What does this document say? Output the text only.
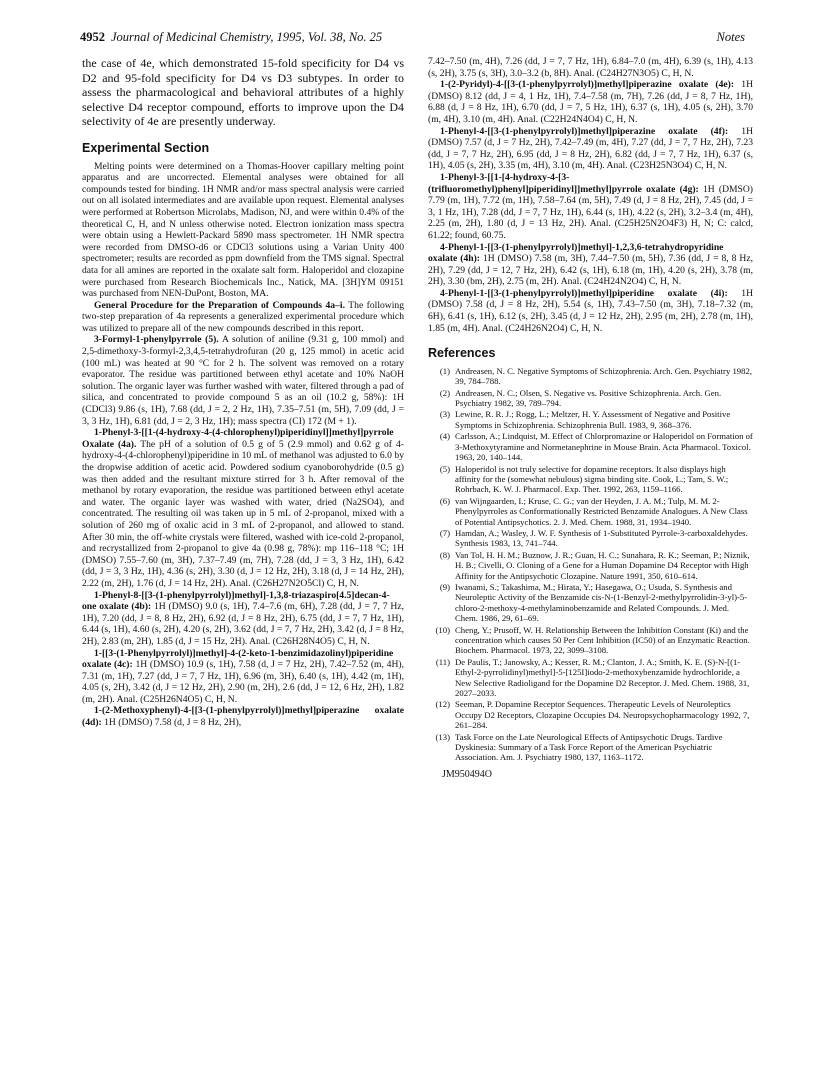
4952 Journal of Medicinal Chemistry, 1995, Vol. 38, No. 25	Notes

the case of 4e, which demonstrated 15-fold specificity for D4 vs D2 and 95-fold specificity for D4 vs D3 subtypes. In order to assess the pharmacological and behavioral attributes of a highly selective D4 receptor compound, efforts to improve upon the D4 selectivity of 4e are presently underway.

Experimental Section

Melting points were determined on a Thomas-Hoover capillary melting point apparatus and are uncorrected. Elemental analyses were obtained for all compounds tested for binding. 1H NMR and/or mass spectral analysis were carried out on all isolated intermediates and are available upon request. Elemental analyses were performed at Robertson Microlabs, Madison, NJ, and were within 0.4% of the theoretical C, H, and N unless otherwise noted. Electron ionization mass spectra were obtain using a Hewlett-Packard 5890 mass spectrometer. 1H NMR spectra were recorded from DMSO-d6 or CDCl3 solutions using a Varian Unity 400 spectrometer; results are recorded as ppm downfield from the TMS signal. Spectral data for all amines are reported in the oxalate salt form. Haloperidol and clozapine were purchased from Research Biochemicals Inc., Natick, MA. [3H]YM 09151 was purchased from NEN-DuPont, Boston, MA.

General Procedure for the Preparation of Compounds 4a–i. The following two-step preparation of 4a represents a generalized experimental procedure which was utilized to prepare all of the new compounds described in this report.

3-Formyl-1-phenylpyrrole (5). A solution of aniline (9.31 g, 100 mmol) and 2,5-dimethoxy-3-formyl-2,3,4,5-tetrahydrofuran (20 g, 125 mmol) in acetic acid (100 mL) was heated at 90 °C for 2 h. The solvent was removed on a rotary evaporator. The residue was partitioned between ethyl acetate and 10% NaOH solution. The organic layer was further washed with water, filtered through a pad of silica, and concentrated to provide compound 5 as an oil (10.2 g, 58%): 1H (CDCl3) 9.86 (s, 1H), 7.68 (dd, J = 2, 2 Hz, 1H), 7.35–7.51 (m, 5H), 7.09 (dd, J = 3, 3 Hz, 1H), 6.81 (dd, J = 2, 3 Hz, 1H); mass spectra (CI) 172 (M + 1).

1-Phenyl-3-[[1-(4-hydroxy-4-(4-chlorophenyl)piperidinyl]]methyl]pyrrole Oxalate (4a). The pH of a solution of 0.5 g of 5 (2.9 mmol) and 0.62 g of 4-hydroxy-4-(4-chlorophenyl)piperidine in 10 mL of methanol was adjusted to 6.0 by the dropwise addition of acetic acid. Powdered sodium cyanoborohydride (0.5 g) was then added and the resultant mixture stirred for 3 h. After removal of the methanol by rotary evaporation, the residue was partitioned between ethyl acetate and water. The organic layer was washed with water, dried (Na2SO4), and concentrated. The resulting oil was taken up in 5 mL of 2-propanol, mixed with a solution of 260 mg of oxalic acid in 3 mL of 2-propanol, and allowed to stand. After 30 min, the off-white crystals were filtered, washed with ice-cold 2-propanol, and recrystallized from 2-propanol to give 4a (0.98 g, 78%): mp 116–118 °C; 1H (DMSO) 7.55–7.60 (m, 3H), 7.37–7.49 (m, 7H), 7.28 (dd, J = 3, 3 Hz, 1H), 6.42 (dd, J = 3, 3 Hz, 1H), 4.36 (s, 2H), 3.30 (d, J = 12 Hz, 2H), 3.18 (d, J = 14 Hz, 2H), 2.22 (m, 2H), 1.76 (d, J = 14 Hz, 2H). Anal. (C26H27N2O5Cl) C, H, N.

1-Phenyl-8-[[3-(1-phenylpyrrolyl)]methyl]-1,3,8-triazaspiro[4.5]decan-4-one oxalate (4b): 1H (DMSO) 9.0 (s, 1H), 7.4–7.6 (m, 6H), 7.28 (dd, J = 7, 7 Hz, 1H), 7.20 (dd, J = 8, 8 Hz, 2H), 6.92 (d, J = 8 Hz, 2H), 6.75 (dd, J = 7, 7 Hz, 1H), 6.44 (s, 1H), 4.60 (s, 2H), 4.20 (s, 2H), 3.62 (dd, J = 7, 7 Hz, 2H), 3.42 (d, J = 8 Hz, 2H), 2.83 (m, 2H), 1.85 (d, J = 15 Hz, 2H). Anal. (C26H28N4O5) C, H, N.

1-[[3-(1-Phenylpyrrolyl)]methyl]-4-(2-keto-1-benzimidazolinyl)piperidine oxalate (4c): 1H (DMSO) 10.9 (s, 1H), 7.58 (d, J = 7 Hz, 2H), 7.42–7.52 (m, 4H), 7.31 (m, 1H), 7.27 (dd, J = 7, 7 Hz, 1H), 6.96 (m, 3H), 6.40 (s, 1H), 4.42 (m, 1H), 4.05 (s, 2H), 3.42 (d, J = 12 Hz, 2H), 2.90 (m, 2H), 2.6 (dd, J = 12, 6 Hz, 2H), 1.82 (m, 2H). Anal. (C25H26N4O5) C, H, N.

1-(2-Methoxyphenyl)-4-[[3-(1-phenylpyrrolyl)]methyl]piperazine oxalate (4d): 1H (DMSO) 7.58 (d, J = 8 Hz, 2H),

7.42–7.50 (m, 4H), 7.26 (dd, J = 7, 7 Hz, 1H), 6.84–7.0 (m, 4H), 6.39 (s, 1H), 4.13 (s, 2H), 3.75 (s, 3H), 3.0–3.2 (b, 8H). Anal. (C24H27N3O5) C, H, N.

1-(2-Pyridyl)-4-[[3-(1-phenylpyrrolyl)]methyl]piperazine oxalate (4e): 1H (DMSO) 8.12 (dd, J = 4, 1 Hz, 1H), 7.4–7.58 (m, 7H), 7.26 (dd, J = 8, 7 Hz, 1H), 6.88 (d, J = 8 Hz, 1H), 6.70 (dd, J = 7, 5 Hz, 1H), 6.37 (s, 1H), 4.05 (s, 2H), 3.70 (m, 4H), 3.10 (m, 4H). Anal. (C22H24N4O4) C, H, N.

1-Phenyl-4-[[3-(1-phenylpyrrolyl)]methyl]piperazine oxalate (4f): 1H (DMSO) 7.57 (d, J = 7 Hz, 2H), 7.42–7.49 (m, 4H), 7.27 (dd, J = 7, 7 Hz, 2H), 7.23 (dd, J = 7, 7 Hz, 2H), 6.95 (dd, J = 8 Hz, 2H), 6.82 (dd, J = 7, 7 Hz, 1H), 6.37 (s, 1H), 4.05 (s, 2H), 3.35 (m, 4H), 3.10 (m, 4H). Anal. (C23H25N3O4) C, H, N.

1-Phenyl-3-[[1-[4-hydroxy-4-[3-(trifluoromethyl)phenyl]piperidinyl]]methyl]pyrrole oxalate (4g): 1H (DMSO) 7.79 (m, 1H), 7.72 (m, 1H), 7.58–7.64 (m, 5H), 7.49 (d, J = 8 Hz, 2H), 7.45 (dd, J = 3, 1 Hz, 1H), 7.28 (dd, J = 7, 7 Hz, 1H), 6.44 (s, 1H), 4.22 (s, 2H), 3.2–3.4 (m, 4H), 2.25 (m, 2H), 1.80 (d, J = 13 Hz, 2H). Anal. (C25H25N2O4F3) H, N; C: calcd, 61.22; found, 60.75.

4-Phenyl-1-[[3-(1-phenylpyrrolyl)]methyl]-1,2,3,6-tetrahydropyridine oxalate (4h): 1H (DMSO) 7.58 (m, 3H), 7.44–7.50 (m, 5H), 7.36 (dd, J = 8, 8 Hz, 2H), 7.29 (dd, J = 12, 7 Hz, 2H), 6.42 (s, 1H), 6.18 (m, 1H), 4.20 (s, 2H), 3.78 (m, 2H), 3.30 (bm, 2H), 2.75 (m, 2H). Anal. (C24H24N2O4) C, H, N.

4-Phenyl-1-[[3-(1-phenylpyrrolyl)]methyl]piperidine oxalate (4i): 1H (DMSO) 7.58 (d, J = 8 Hz, 2H), 5.54 (s, 1H), 7.43–7.50 (m, 3H), 7.18–7.32 (m, 6H), 6.41 (s, 1H), 6.12 (s, 2H), 3.45 (d, J = 12 Hz, 2H), 2.95 (m, 2H), 2.78 (m, 1H), 1.85 (m, 4H). Anal. (C24H26N2O4) C, H, N.

References
(1) Andreasen, N. C. Negative Symptoms of Schizophrenia. Arch. Gen. Psychiatry 1982, 39, 784–788.
(2) Andreasen, N. C.; Olsen, S. Negative vs. Positive Schizophrenia. Arch. Gen. Psychiatry 1982, 39, 789–794.
(3) Lewine, R. R. J.; Rogg, L.; Meltzer, H. Y. Assessment of Negative and Positive Symptoms in Schizophrenia. Schizophrenia Bull. 1983, 9, 368–376.
(4) Carlsson, A.; Lindquist, M. Effect of Chlorpromazine or Haloperidol on Formation of 3-Methoxytyramine and Normetanephrine in Mouse Brain. Acta Pharmacol. Toxicol. 1963, 20, 140–144.
(5) Haloperidol is not truly selective for dopamine receptors. It also displays high affinity for the (somewhat nebulous) sigma binding site. Cook, L.; Tam, S. W.; Rohrbach, K. W. J. Pharmacol. Exp. Ther. 1992, 263, 1159–1166.
(6) van Wijngaarden, I.; Kruse, C. G.; van der Heyden, J. A. M.; Tulp, M. M. 2-Phenylpyrroles as Conformationally Restricted Benzamide Analogues. A New Class of Potential Antipsychotics. 2. J. Med. Chem. 1988, 31, 1934–1940.
(7) Hamdan, A.; Wasley, J. W. F. Synthesis of 1-Substituted Pyrrole-3-carboxaldehydes. Synthesis 1983, 13, 741–744.
(8) Van Tol, H. H. M.; Buznow, J. R.; Guan, H. C.; Sunahara, R. K.; Seeman, P.; Niznik, H. B.; Civelli, O. Cloning of a Gene for a Human Dopamine D4 Receptor with High Affinity for the Antipsychotic Clozapine. Nature 1991, 350, 610–614.
(9) Iwanami, S.; Takashima, M.; Hirata, Y.; Hasegawa, O.; Usuda, S. Synthesis and Neuroleptic Activity of the Benzamide cis-N-(1-Benzyl-2-methylpyrrolidin-3-yl)-5-chloro-2-methoxy-4-methylaminobenzamide and Related Compounds. J. Med. Chem. 1986, 29, 61–69.
(10) Cheng, Y.; Prusoff, W. H. Relationship Between the Inhibition Constant (Ki) and the concentration which causes 50 Per Cent Inhibition (IC50) of an Enzymatic Reaction. Biochem. Pharmacol. 1973, 22, 3099–3108.
(11) De Paulis, T.; Janowsky, A.; Kesser, R. M.; Clanton, J. A.; Smith, K. E. (S)-N-[(1-Ethyl-2-pyrrolidinyl)methyl]-5-[125I]iodo-2-methoxybenzamide hydrochloride, a New Selective Radioligand for the Dopamine D2 Receptor. J. Med. Chem. 1988, 31, 2027–2033.
(12) Seeman, P. Dopamine Receptor Sequences. Therapeutic Levels of Neuroleptics Occupy D2 Receptors, Clozapine Occupies D4. Neuropsychopharmacology 1992, 7, 261–284.
(13) Task Force on the Late Neurological Effects of Antipsychotic Drugs. Tardive Dyskinesia: Summary of a Task Force Report of the American Psychiatric Association. Am. J. Psychiatry 1980, 137, 1163–1172.
JM950494O
